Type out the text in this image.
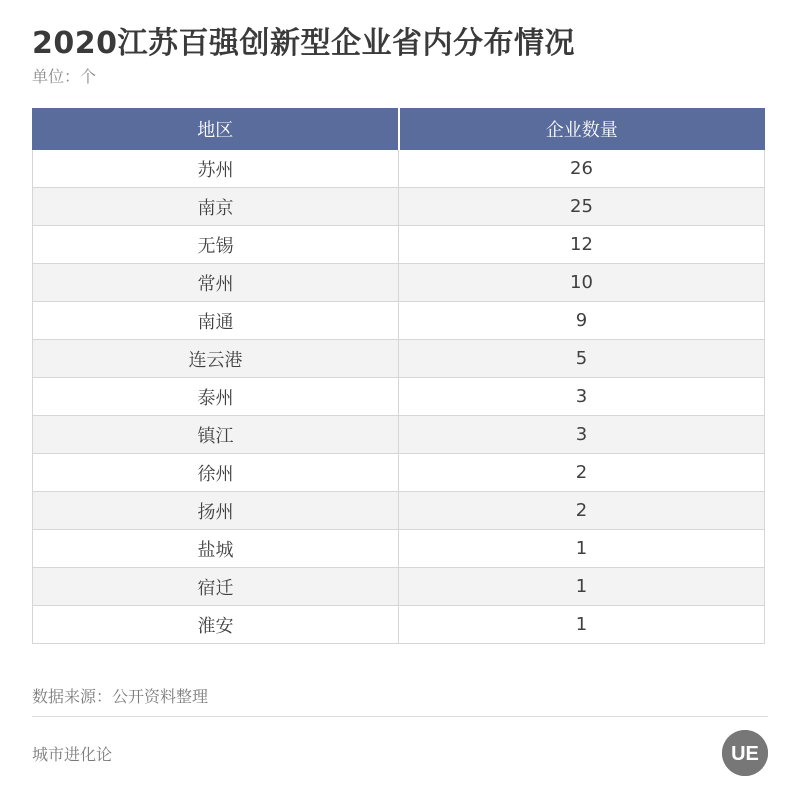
2020江苏百强创新型企业省内分布情况
单位：个
地区	企业数量
苏州	26
南京	25
无锡	12
常州	10
南通	9
连云港	5
泰州	3
镇江	3
徐州	2
扬州	2
盐城	1
宿迁	1
淮安	1
数据来源：公开资料整理
城市进化论	UE
